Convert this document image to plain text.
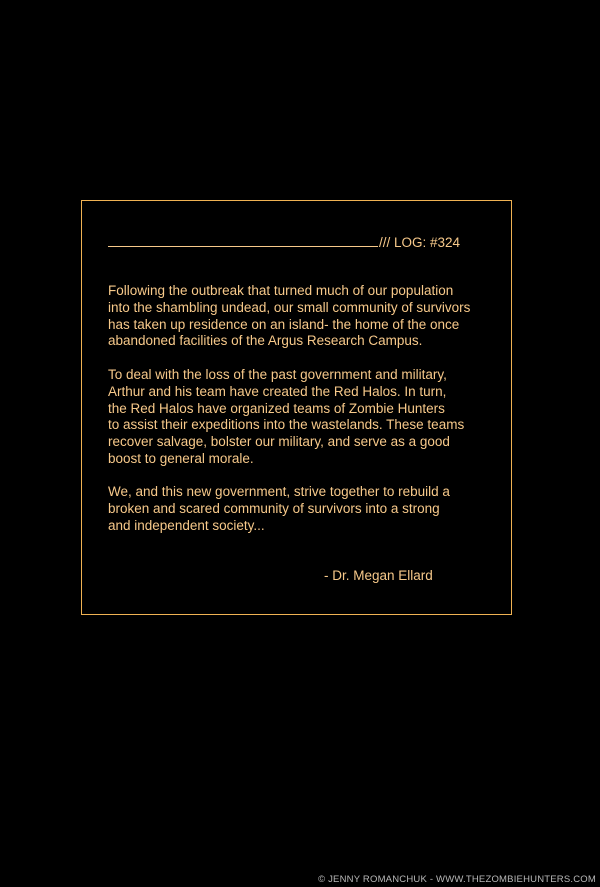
/// LOG: #324

Following the outbreak that turned much of our population
into the shambling undead, our small community of survivors
has taken up residence on an island- the home of the once
abandoned facilities of the Argus Research Campus.

To deal with the loss of the past government and military,
Arthur and his team have created the Red Halos. In turn,
the Red Halos have organized teams of Zombie Hunters
to assist their expeditions into the wastelands. These teams
recover salvage, bolster our military, and serve as a good
boost to general morale.

We, and this new government, strive together to rebuild a
broken and scared community of survivors into a strong
and independent society...

- Dr. Megan Ellard
© JENNY ROMANCHUK - WWW.THEZOMBIEHUNTERS.COM
